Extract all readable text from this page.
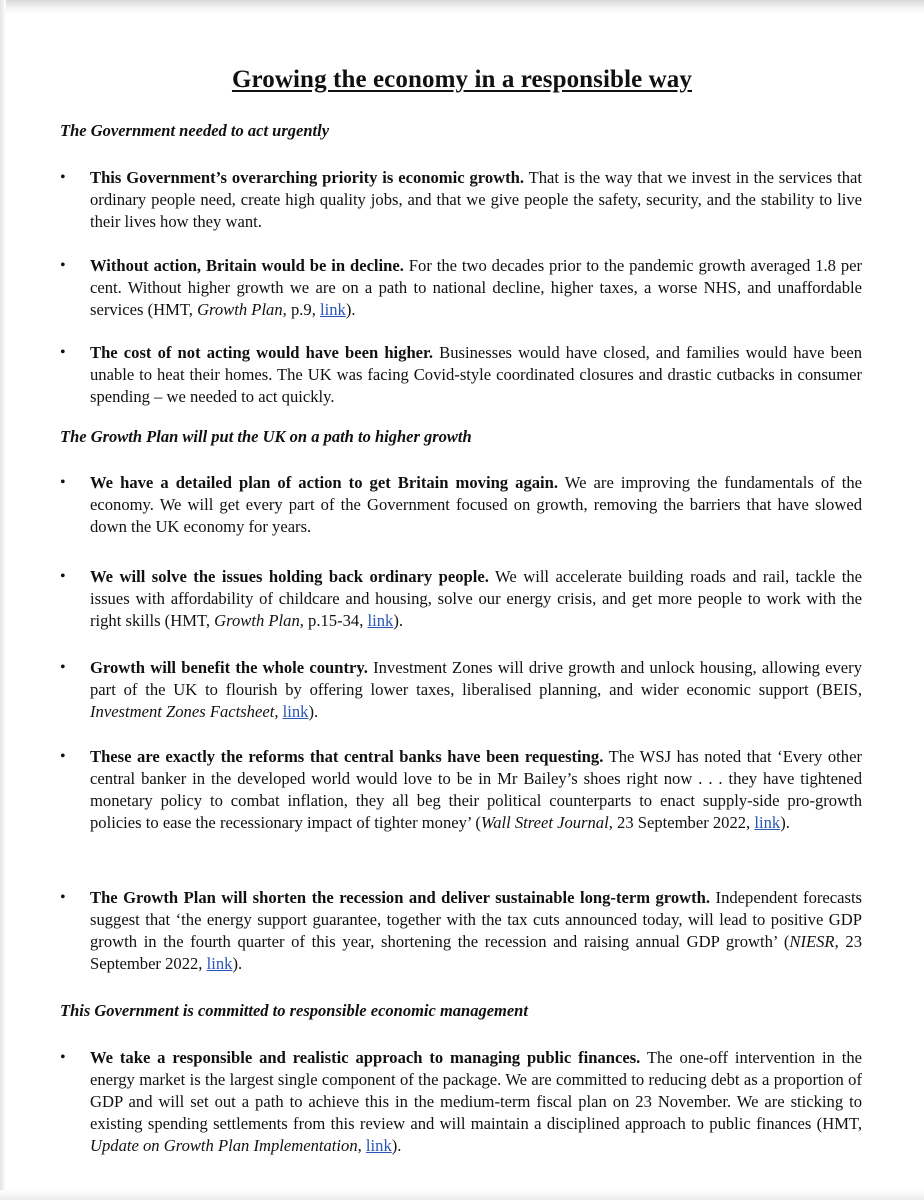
Growing the economy in a responsible way
The Government needed to act urgently
• This Government’s overarching priority is economic growth. That is the way that we invest in the services that ordinary people need, create high quality jobs, and that we give people the safety, security, and the stability to live their lives how they want.
• Without action, Britain would be in decline. For the two decades prior to the pandemic growth averaged 1.8 per cent. Without higher growth we are on a path to national decline, higher taxes, a worse NHS, and unaffordable services (HMT, Growth Plan, p.9, link).
• The cost of not acting would have been higher. Businesses would have closed, and families would have been unable to heat their homes. The UK was facing Covid-style coordinated closures and drastic cutbacks in consumer spending – we needed to act quickly.
The Growth Plan will put the UK on a path to higher growth
• We have a detailed plan of action to get Britain moving again. We are improving the fundamentals of the economy. We will get every part of the Government focused on growth, removing the barriers that have slowed down the UK economy for years.
• We will solve the issues holding back ordinary people. We will accelerate building roads and rail, tackle the issues with affordability of childcare and housing, solve our energy crisis, and get more people to work with the right skills (HMT, Growth Plan, p.15-34, link).
• Growth will benefit the whole country. Investment Zones will drive growth and unlock housing, allowing every part of the UK to flourish by offering lower taxes, liberalised planning, and wider economic support (BEIS, Investment Zones Factsheet, link).
• These are exactly the reforms that central banks have been requesting. The WSJ has noted that ‘Every other central banker in the developed world would love to be in Mr Bailey’s shoes right now . . . they have tightened monetary policy to combat inflation, they all beg their political counterparts to enact supply-side pro-growth policies to ease the recessionary impact of tighter money’ (Wall Street Journal, 23 September 2022, link).
• The Growth Plan will shorten the recession and deliver sustainable long-term growth. Independent forecasts suggest that ‘the energy support guarantee, together with the tax cuts announced today, will lead to positive GDP growth in the fourth quarter of this year, shortening the recession and raising annual GDP growth’ (NIESR, 23 September 2022, link).
This Government is committed to responsible economic management
• We take a responsible and realistic approach to managing public finances. The one-off intervention in the energy market is the largest single component of the package. We are committed to reducing debt as a proportion of GDP and will set out a path to achieve this in the medium-term fiscal plan on 23 November. We are sticking to existing spending settlements from this review and will maintain a disciplined approach to public finances (HMT, Update on Growth Plan Implementation, link).
